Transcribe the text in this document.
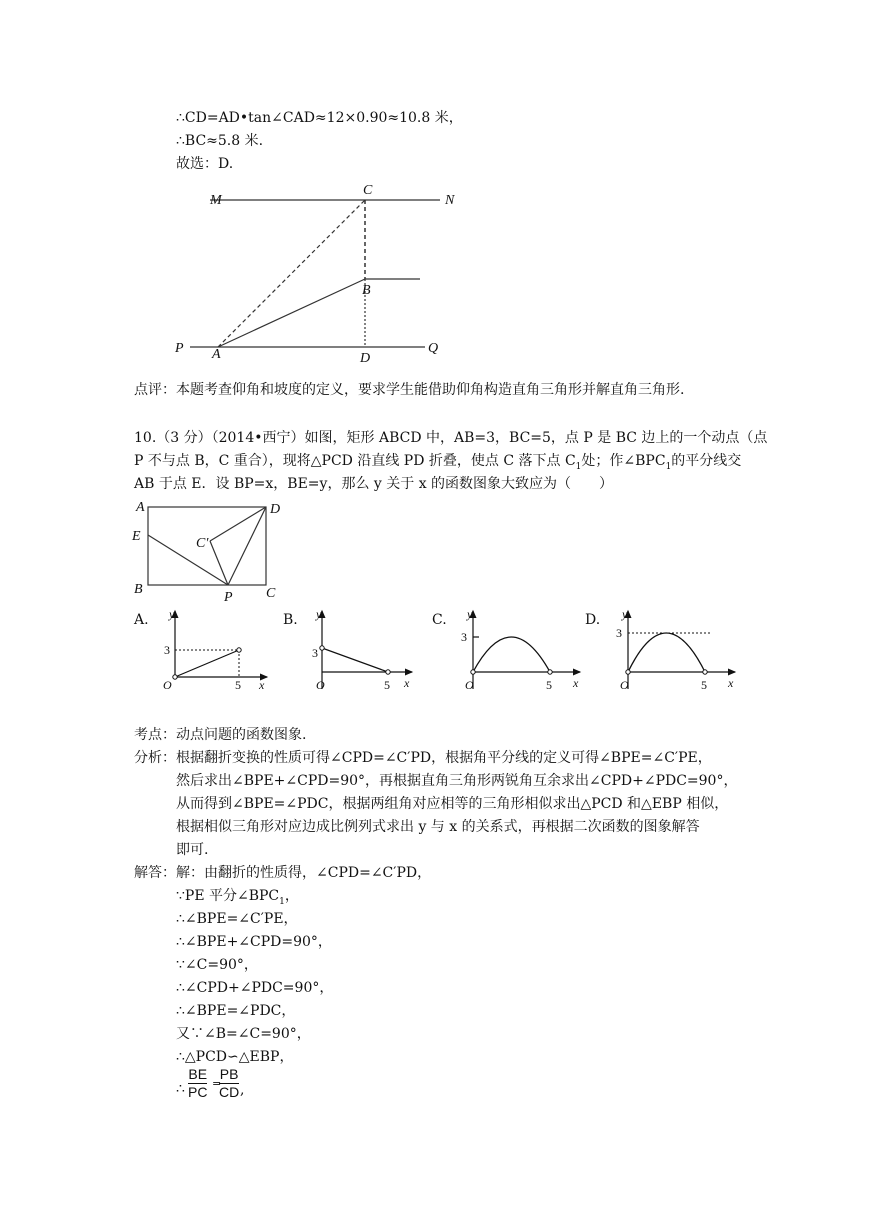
∴CD=AD•tan∠CAD≈12×0.90≈10.8 米，
∴BC≈5.8 米.
故选：D.
M
C
N
B
P A	D
Q
点评：本题考查仰角和坡度的定义，要求学生能借助仰角构造直角三角形并解直角三角形.
10.（3 分）（2014•西宁）如图，矩形 ABCD 中，AB=3，BC=5，点 P 是 BC 边上的一个动点（点
P 不与点 B，C 重合），现将△PCD 沿直线 PD 折叠，使点 C 落下点 $C_1$处；作$\angle BPC_1$的平分线交
AB 于点 E．设 BP=x，BE=y，那么 y 关于 x 的函数图象大致应为（　　）
A	D
E	C′
B
P C
A. y
3
O	5 x
B. y
3
O	5 x
C. y
3
O	5 x
D. y
3
O	5 x
考点：动点问题的函数图象.
分析：根据翻折变换的性质可得∠CPD=∠C′PD，根据角平分线的定义可得∠BPE=∠C′PE，
然后求出∠BPE+∠CPD=90°，再根据直角三角形两锐角互余求出∠CPD+∠PDC=90°，
从而得到∠BPE=∠PDC，根据两组角对应相等的三角形相似求出△PCD 和△EBP 相似，
根据相似三角形对应边成比例列式求出 y 与 x 的关系式，再根据二次函数的图象解答
即可.
解答：解：由翻折的性质得，∠CPD=∠C′PD，
∵PE 平分$\angle BPC_1$，
∴∠BPE=∠C′PE，
∴∠BPE+∠CPD=90°，
∵∠C=90°，
∴∠CPD+∠PDC=90°，
∴∠BPE=∠PDC，
又∵∠B=∠C=90°，
∴△PCD∽△EBP，
∴ $\frac{BE}{PC}$ =
$\frac{PB}{CD}$ ,
